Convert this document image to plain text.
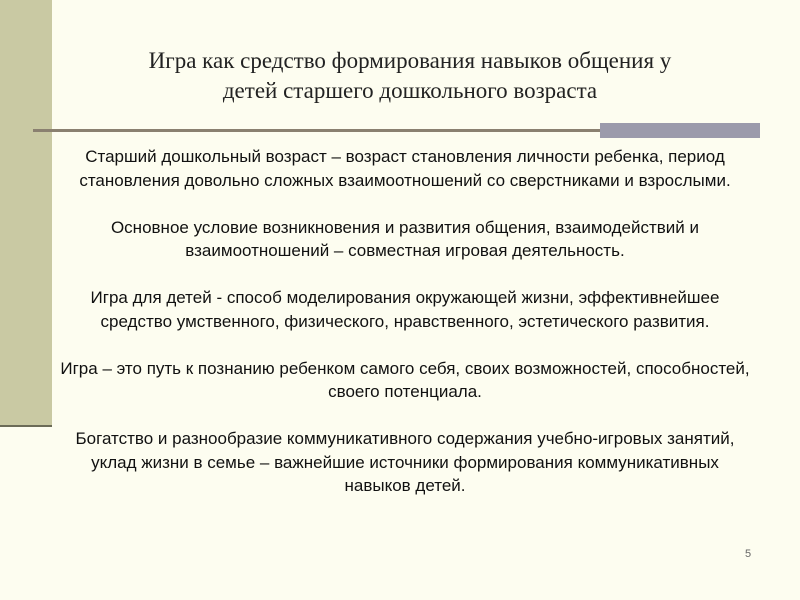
Игра как средство формирования навыков общения у
детей старшего дошкольного возраста

Старший дошкольный возраст – возраст становления личности ребенка, период становления довольно сложных взаимоотношений со сверстниками и взрослыми.

Основное условие возникновения и развития общения, взаимодействий и взаимоотношений – совместная игровая деятельность.

Игра для детей - способ моделирования окружающей жизни, эффективнейшее средство умственного, физического, нравственного, эстетического развития.

Игра – это путь к познанию ребенком самого себя, своих возможностей, способностей, своего потенциала.

Богатство и разнообразие коммуникативного содержания учебно-игровых занятий, уклад жизни в семье – важнейшие источники формирования коммуникативных навыков детей.

5
